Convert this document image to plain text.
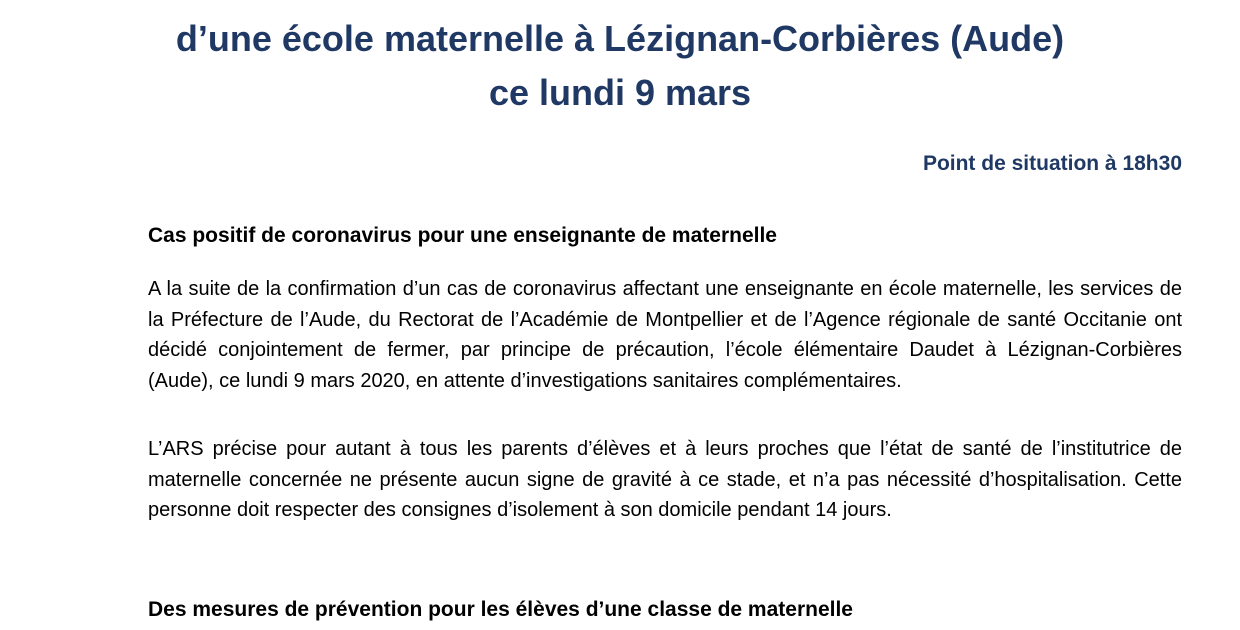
d’une école maternelle à Lézignan-Corbières (Aude)
ce lundi 9 mars

Point de situation à 18h30

Cas positif de coronavirus pour une enseignante de maternelle

A la suite de la confirmation d’un cas de coronavirus affectant une enseignante en école maternelle, les services de la Préfecture de l’Aude, du Rectorat de l’Académie de Montpellier et de l’Agence régionale de santé Occitanie ont décidé conjointement de fermer, par principe de précaution, l’école élémentaire Daudet à Lézignan-Corbières (Aude), ce lundi 9 mars 2020, en attente d’investigations sanitaires complémentaires.

L’ARS précise pour autant à tous les parents d’élèves et à leurs proches que l’état de santé de l’institutrice de maternelle concernée ne présente aucun signe de gravité à ce stade, et n’a pas nécessité d’hospitalisation. Cette personne doit respecter des consignes d’isolement à son domicile pendant 14 jours.

Des mesures de prévention pour les élèves d’une classe de maternelle
